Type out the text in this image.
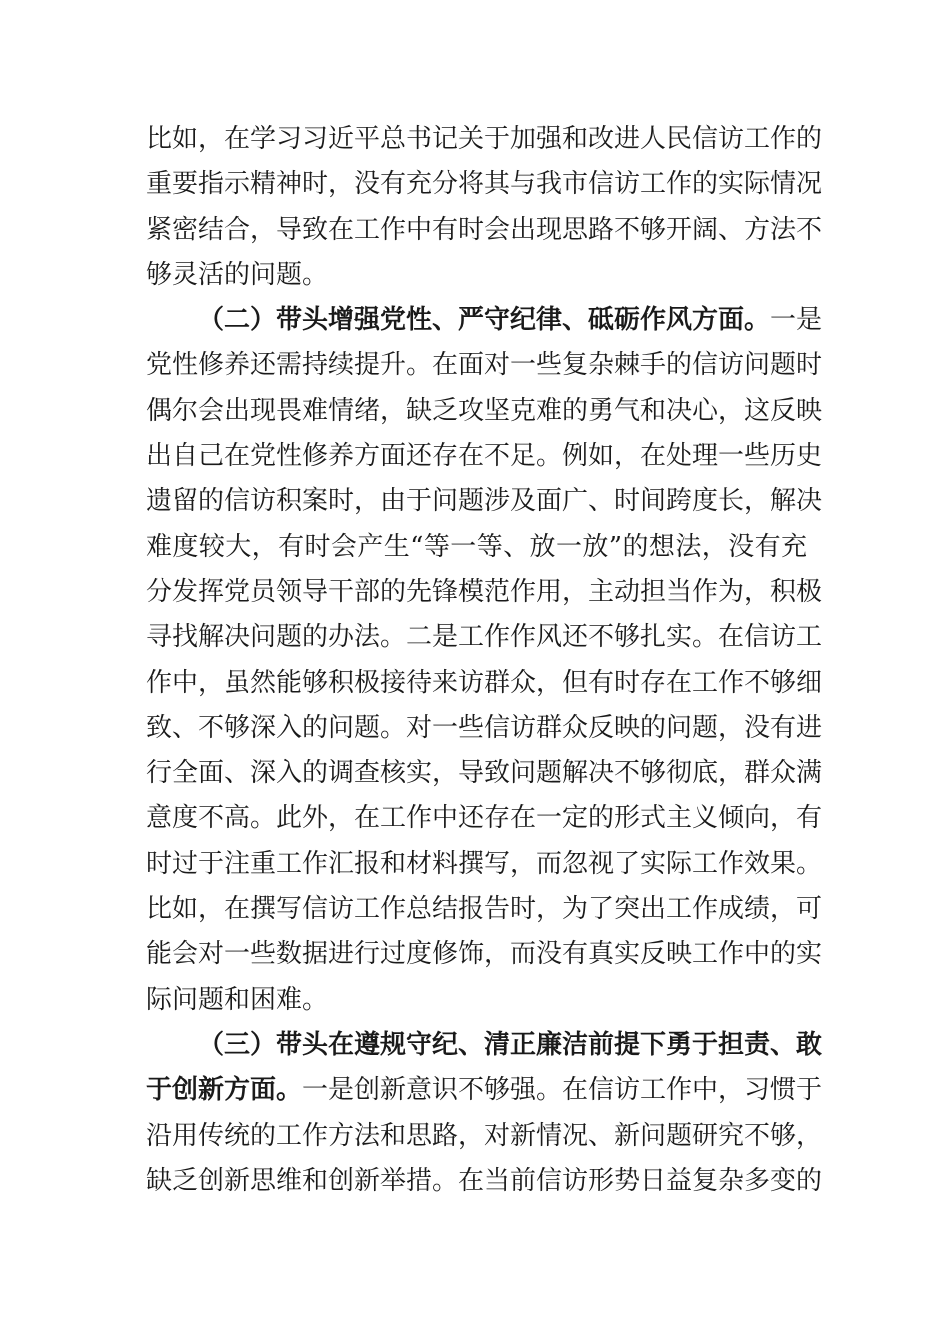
比如，在学习习近平总书记关于加强和改进人民信访工作的
重要指示精神时，没有充分将其与我市信访工作的实际情况
紧密结合，导致在工作中有时会出现思路不够开阔、方法不
够灵活的问题。
（二）带头增强党性、严守纪律、砥砺作风方面。一是
党性修养还需持续提升。在面对一些复杂棘手的信访问题时
偶尔会出现畏难情绪，缺乏攻坚克难的勇气和决心，这反映
出自己在党性修养方面还存在不足。例如，在处理一些历史
遗留的信访积案时，由于问题涉及面广、时间跨度长，解决
难度较大，有时会产生“等一等、放一放”的想法，没有充
分发挥党员领导干部的先锋模范作用，主动担当作为，积极
寻找解决问题的办法。二是工作作风还不够扎实。在信访工
作中，虽然能够积极接待来访群众，但有时存在工作不够细
致、不够深入的问题。对一些信访群众反映的问题，没有进
行全面、深入的调查核实，导致问题解决不够彻底，群众满
意度不高。此外，在工作中还存在一定的形式主义倾向，有
时过于注重工作汇报和材料撰写，而忽视了实际工作效果。
比如，在撰写信访工作总结报告时，为了突出工作成绩，可
能会对一些数据进行过度修饰，而没有真实反映工作中的实
际问题和困难。
（三）带头在遵规守纪、清正廉洁前提下勇于担责、敢
于创新方面。一是创新意识不够强。在信访工作中，习惯于
沿用传统的工作方法和思路，对新情况、新问题研究不够，
缺乏创新思维和创新举措。在当前信访形势日益复杂多变的
